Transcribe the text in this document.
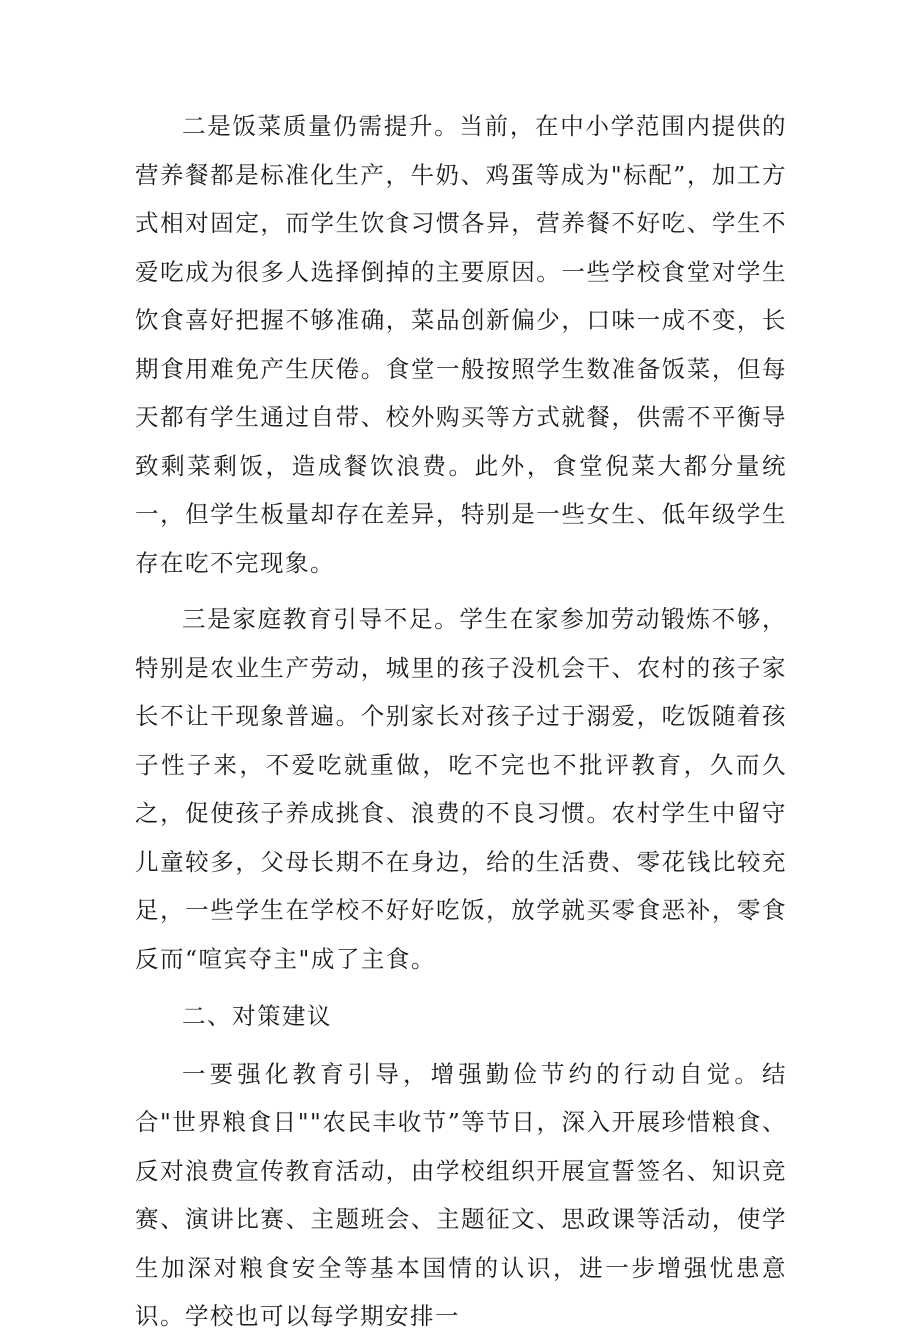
二是饭菜质量仍需提升。当前，在中小学范围内提供的营养餐都是标准化生产，牛奶、鸡蛋等成为"标配”，加工方式相对固定，而学生饮食习惯各异，营养餐不好吃、学生不爱吃成为很多人选择倒掉的主要原因。一些学校食堂对学生饮食喜好把握不够准确，菜品创新偏少，口味一成不变，长期食用难免产生厌倦。食堂一般按照学生数准备饭菜，但每天都有学生通过自带、校外购买等方式就餐，供需不平衡导致剩菜剩饭，造成餐饮浪费。此外，食堂倪菜大都分量统一，但学生板量却存在差异，特别是一些女生、低年级学生存在吃不完现象。

三是家庭教育引导不足。学生在家参加劳动锻炼不够，特别是农业生产劳动，城里的孩子没机会干、农村的孩子家长不让干现象普遍。个别家长对孩子过于溺爱，吃饭随着孩子性子来，不爱吃就重做，吃不完也不批评教育，久而久之，促使孩子养成挑食、浪费的不良习惯。农村学生中留守儿童较多，父母长期不在身边，给的生活费、零花钱比较充足，一些学生在学校不好好吃饭，放学就买零食恶补，零食反而“喧宾夺主"成了主食。

二、对策建议

一要强化教育引导，增强勤俭节约的行动自觉。结合"世界粮食日""农民丰收节”等节日，深入开展珍惜粮食、反对浪费宣传教育活动，由学校组织开展宣誓签名、知识竞赛、演讲比赛、主题班会、主题征文、思政课等活动，使学生加深对粮食安全等基本国情的认识，进一步增强忧患意识。学校也可以每学期安排一
